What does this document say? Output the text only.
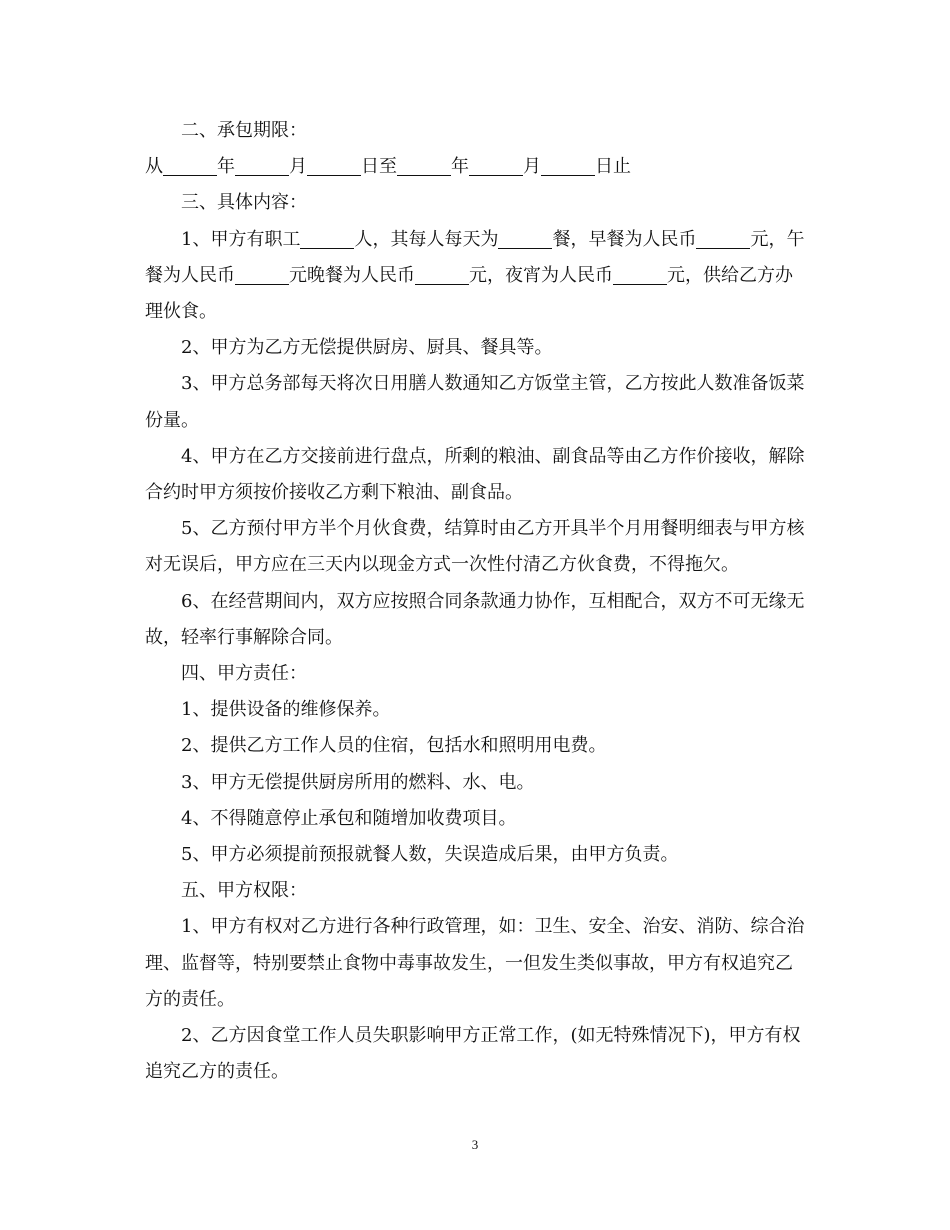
二、承包期限：

从	年	月	日至	年	月	日止

三、具体内容：

1、甲方有职工	人，其每人每天为	餐，早餐为人民币	元，午餐为人民币	元晚餐为人民币	元，夜宵为人民币	元，供给乙方办理伙食。

2、甲方为乙方无偿提供厨房、厨具、餐具等。

3、甲方总务部每天将次日用膳人数通知乙方饭堂主管，乙方按此人数准备饭菜份量。

4、甲方在乙方交接前进行盘点，所剩的粮油、副食品等由乙方作价接收，解除合约时甲方须按价接收乙方剩下粮油、副食品。

5、乙方预付甲方半个月伙食费，结算时由乙方开具半个月用餐明细表与甲方核对无误后，甲方应在三天内以现金方式一次性付清乙方伙食费，不得拖欠。

6、在经营期间内，双方应按照合同条款通力协作，互相配合，双方不可无缘无故，轻率行事解除合同。

四、甲方责任：

1、提供设备的维修保养。

2、提供乙方工作人员的住宿，包括水和照明用电费。

3、甲方无偿提供厨房所用的燃料、水、电。

4、不得随意停止承包和随增加收费项目。

5、甲方必须提前预报就餐人数，失误造成后果，由甲方负责。

五、甲方权限：

1、甲方有权对乙方进行各种行政管理，如：卫生、安全、治安、消防、综合治理、监督等，特别要禁止食物中毒事故发生，一但发生类似事故，甲方有权追究乙方的责任。

2、乙方因食堂工作人员失职影响甲方正常工作，(如无特殊情况下)，甲方有权追究乙方的责任。

3
